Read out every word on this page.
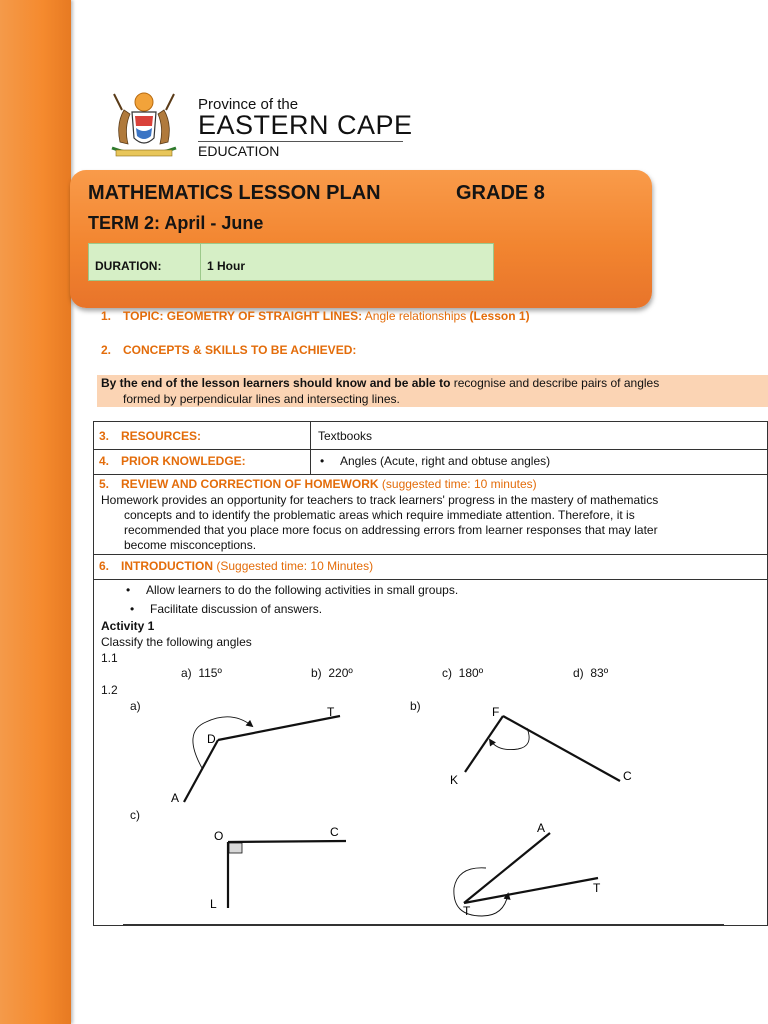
Province of the
EASTERN CAPE
EDUCATION
MATHEMATICS LESSON PLAN	GRADE 8
TERM 2: April - June
DURATION:	1 Hour
1. TOPIC: GEOMETRY OF STRAIGHT LINES: Angle relationships (Lesson 1)
2. CONCEPTS & SKILLS TO BE ACHIEVED:
By the end of the lesson learners should know and be able to recognise and describe pairs of angles
formed by perpendicular lines and intersecting lines.
3. RESOURCES:	Textbooks
4. PRIOR KNOWLEDGE:	Angles (Acute, right and obtuse angles)
5. REVIEW AND CORRECTION OF HOMEWORK (suggested time: 10 minutes)
Homework provides an opportunity for teachers to track learners' progress in the mastery of mathematics
concepts and to identify the problematic areas which require immediate attention. Therefore, it is
recommended that you place more focus on addressing errors from learner responses that may later
become misconceptions.
6. INTRODUCTION (Suggested time: 10 Minutes)
Allow learners to do the following activities in small groups.
Facilitate discussion of answers.
Activity 1
Classify the following angles
1.1
a) 115º	b) 220º	c) 180º	d) 83º
1.2
a)	b)
c)
D
T
A
F
K	C
O	C
L
A
T
T
